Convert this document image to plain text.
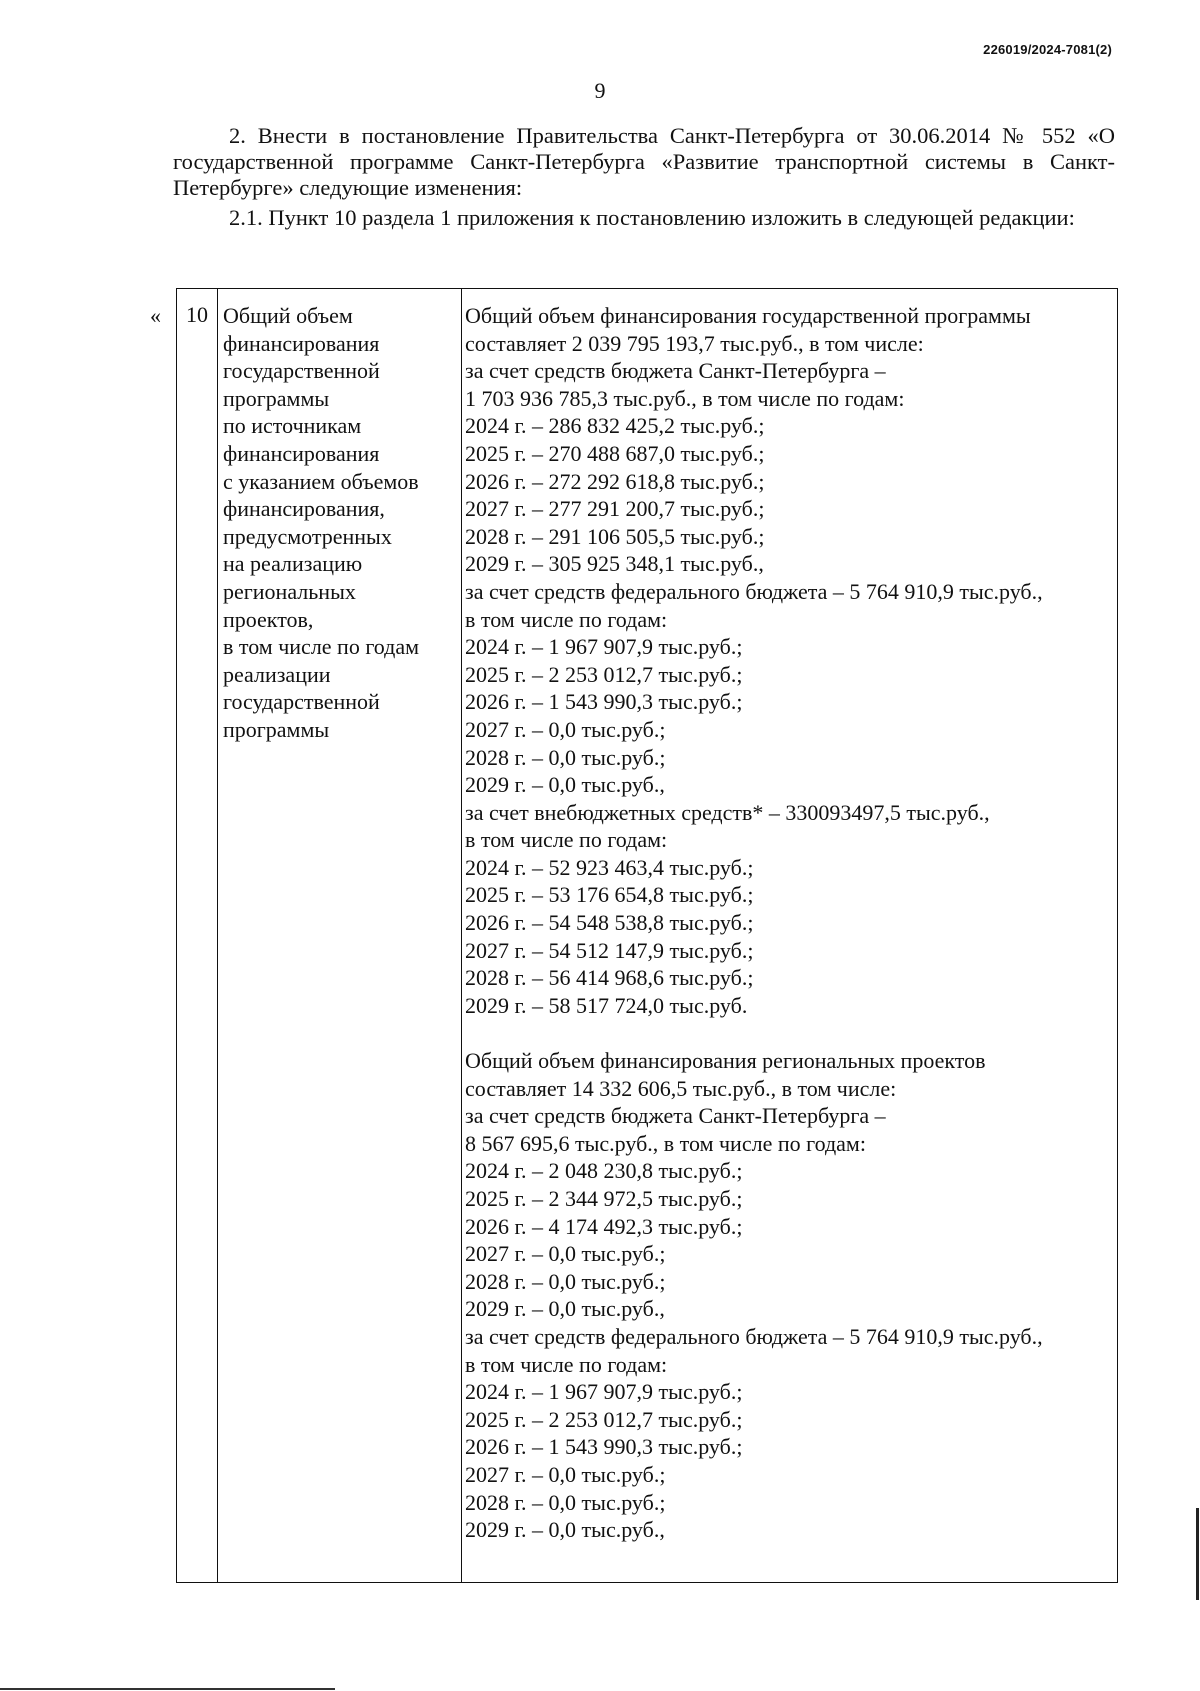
226019/2024-7081(2)
9

2. Внести в постановление Правительства Санкт-Петербурга от 30.06.2014 № 552 «О государственной программе Санкт-Петербурга «Развитие транспортной системы в Санкт-Петербурге» следующие изменения:

2.1. Пункт 10 раздела 1 приложения к постановлению изложить в следующей редакции:

«	10 Общий объем
финансирования
государственной
программы
по источникам
финансирования
с указанием объемов
финансирования,
предусмотренных
на реализацию
региональных
проектов,
в том числе по годам
реализации
государственной
программы
Общий объем финансирования государственной программы
составляет 2 039 795 193,7 тыс.руб., в том числе:
за счет средств бюджета Санкт-Петербурга –
1 703 936 785,3 тыс.руб., в том числе по годам:
2024 г. – 286 832 425,2 тыс.руб.;
2025 г. – 270 488 687,0 тыс.руб.;
2026 г. – 272 292 618,8 тыс.руб.;
2027 г. – 277 291 200,7 тыс.руб.;
2028 г. – 291 106 505,5 тыс.руб.;
2029 г. – 305 925 348,1 тыс.руб.,
за счет средств федерального бюджета – 5 764 910,9 тыс.руб.,
в том числе по годам:
2024 г. – 1 967 907,9 тыс.руб.;
2025 г. – 2 253 012,7 тыс.руб.;
2026 г. – 1 543 990,3 тыс.руб.;
2027 г. – 0,0 тыс.руб.;
2028 г. – 0,0 тыс.руб.;
2029 г. – 0,0 тыс.руб.,
за счет внебюджетных средств* – 330093497,5 тыс.руб.,
в том числе по годам:
2024 г. – 52 923 463,4 тыс.руб.;
2025 г. – 53 176 654,8 тыс.руб.;
2026 г. – 54 548 538,8 тыс.руб.;
2027 г. – 54 512 147,9 тыс.руб.;
2028 г. – 56 414 968,6 тыс.руб.;
2029 г. – 58 517 724,0 тыс.руб.
Общий объем финансирования региональных проектов
составляет 14 332 606,5 тыс.руб., в том числе:
за счет средств бюджета Санкт-Петербурга –
8 567 695,6 тыс.руб., в том числе по годам:
2024 г. – 2 048 230,8 тыс.руб.;
2025 г. – 2 344 972,5 тыс.руб.;
2026 г. – 4 174 492,3 тыс.руб.;
2027 г. – 0,0 тыс.руб.;
2028 г. – 0,0 тыс.руб.;
2029 г. – 0,0 тыс.руб.,
за счет средств федерального бюджета – 5 764 910,9 тыс.руб.,
в том числе по годам:
2024 г. – 1 967 907,9 тыс.руб.;
2025 г. – 2 253 012,7 тыс.руб.;
2026 г. – 1 543 990,3 тыс.руб.;
2027 г. – 0,0 тыс.руб.;
2028 г. – 0,0 тыс.руб.;
2029 г. – 0,0 тыс.руб.,
